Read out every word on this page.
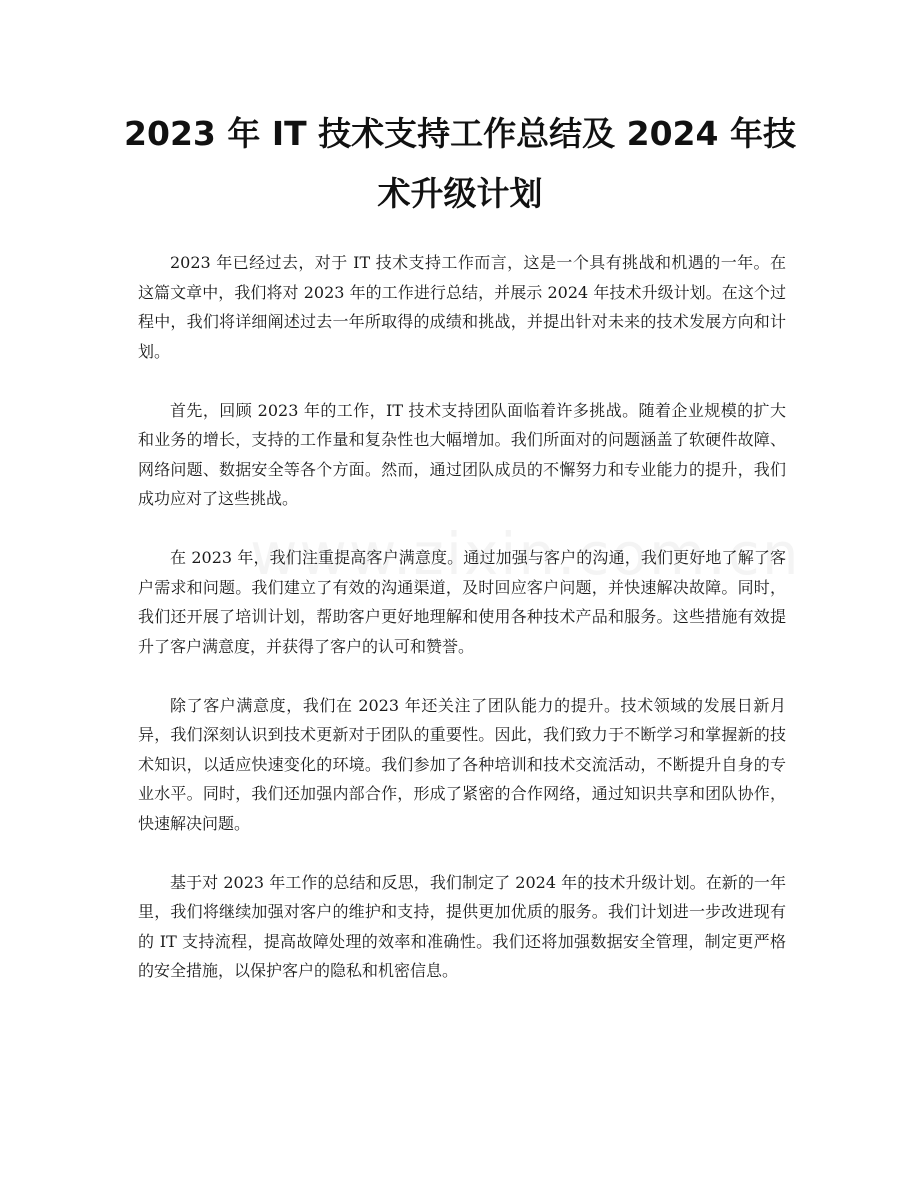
2023 年 IT 技术支持工作总结及 2024 年技术升级计划

2023 年已经过去，对于 IT 技术支持工作而言，这是一个具有挑战和机遇的一年。在这篇文章中，我们将对 2023 年的工作进行总结，并展示 2024 年技术升级计划。在这个过程中，我们将详细阐述过去一年所取得的成绩和挑战，并提出针对未来的技术发展方向和计划。

首先，回顾 2023 年的工作，IT 技术支持团队面临着许多挑战。随着企业规模的扩大和业务的增长，支持的工作量和复杂性也大幅增加。我们所面对的问题涵盖了软硬件故障、网络问题、数据安全等各个方面。然而，通过团队成员的不懈努力和专业能力的提升，我们成功应对了这些挑战。

在 2023 年，我们注重提高客户满意度。通过加强与客户的沟通，我们更好地了解了客户需求和问题。我们建立了有效的沟通渠道，及时回应客户问题，并快速解决故障。同时，我们还开展了培训计划，帮助客户更好地理解和使用各种技术产品和服务。这些措施有效提升了客户满意度，并获得了客户的认可和赞誉。

除了客户满意度，我们在 2023 年还关注了团队能力的提升。技术领域的发展日新月异，我们深刻认识到技术更新对于团队的重要性。因此，我们致力于不断学习和掌握新的技术知识，以适应快速变化的环境。我们参加了各种培训和技术交流活动，不断提升自身的专业水平。同时，我们还加强内部合作，形成了紧密的合作网络，通过知识共享和团队协作，快速解决问题。

基于对 2023 年工作的总结和反思，我们制定了 2024 年的技术升级计划。在新的一年里，我们将继续加强对客户的维护和支持，提供更加优质的服务。我们计划进一步改进现有的 IT 支持流程，提高故障处理的效率和准确性。我们还将加强数据安全管理，制定更严格的安全措施，以保护客户的隐私和机密信息。
